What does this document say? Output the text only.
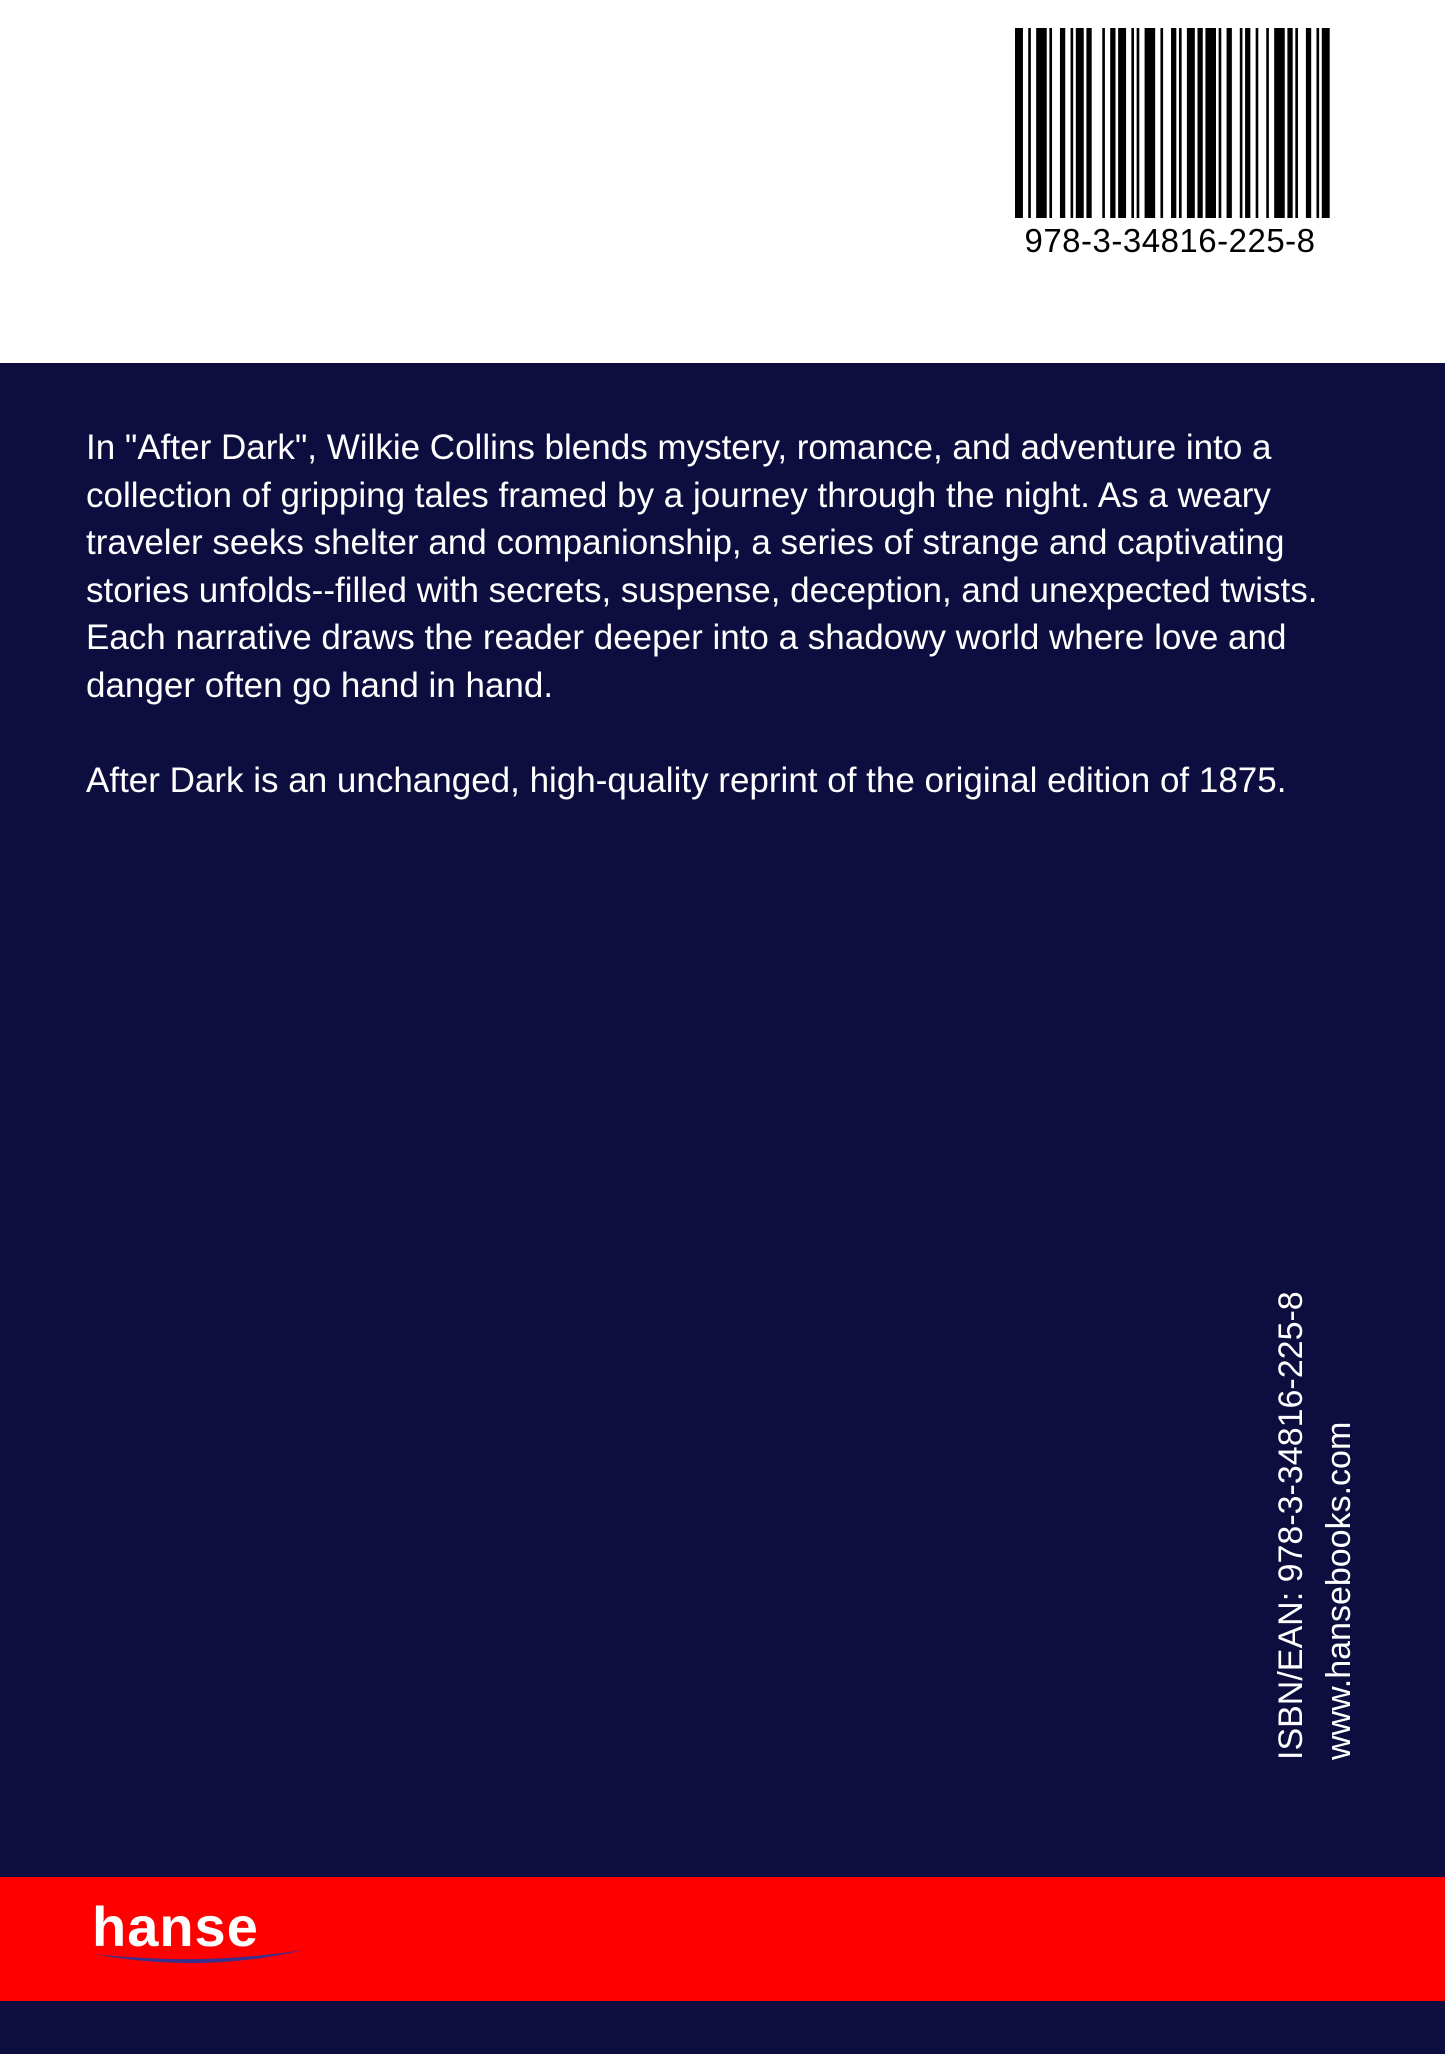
978-3-34816-225-8

In "After Dark", Wilkie Collins blends mystery, romance, and adventure into a collection of gripping tales framed by a journey through the night. As a weary traveler seeks shelter and companionship, a series of strange and captivating stories unfolds--filled with secrets, suspense, deception, and unexpected twists. Each narrative draws the reader deeper into a shadowy world where love and danger often go hand in hand.

After Dark is an unchanged, high-quality reprint of the original edition of 1875.

ISBN/EAN: 978-3-34816-225-8 www.hansebooks.com
hanse
